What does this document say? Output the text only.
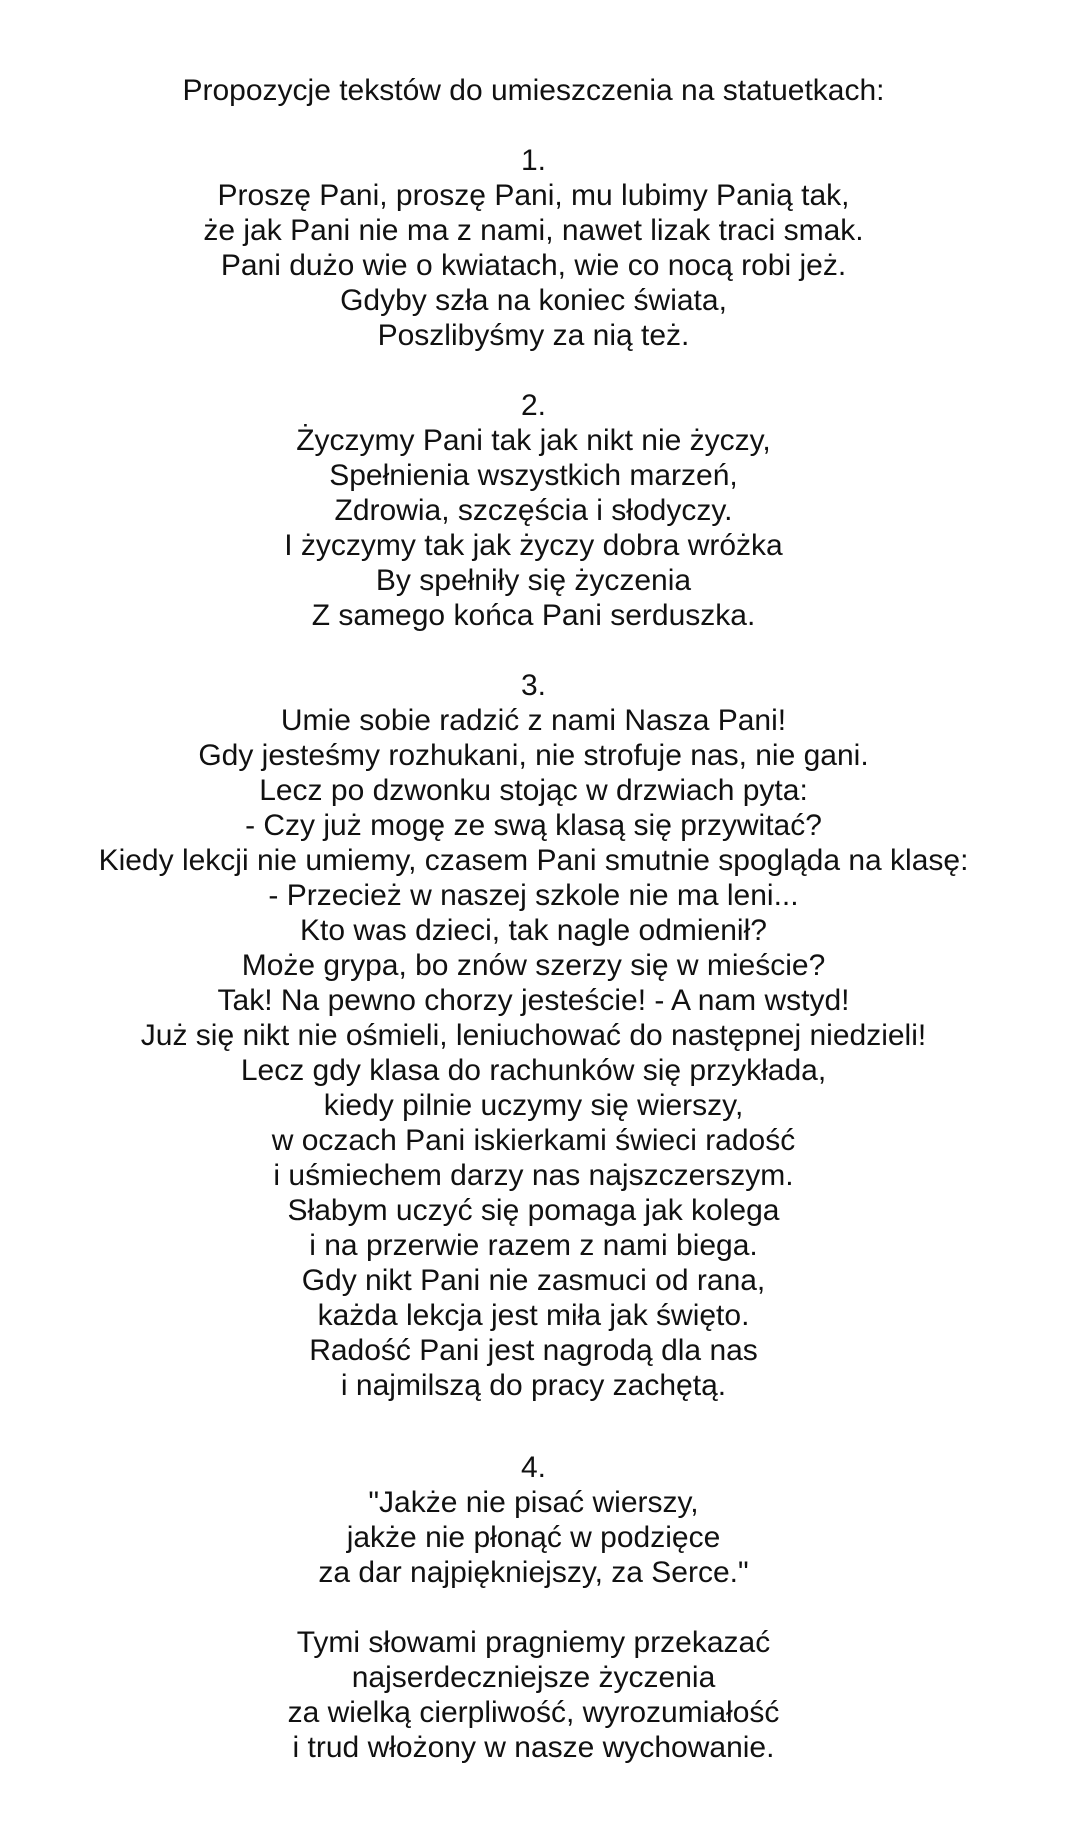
Propozycje tekstów do umieszczenia na statuetkach:
1.
Proszę Pani, proszę Pani, mu lubimy Panią tak,
że jak Pani nie ma z nami, nawet lizak traci smak.
Pani dużo wie o kwiatach, wie co nocą robi jeż.
Gdyby szła na koniec świata,
Poszlibyśmy za nią też.
2.
Życzymy Pani tak jak nikt nie życzy,
Spełnienia wszystkich marzeń,
Zdrowia, szczęścia i słodyczy.
I życzymy tak jak życzy dobra wróżka
By spełniły się życzenia
Z samego końca Pani serduszka.
3.
Umie sobie radzić z nami Nasza Pani!
Gdy jesteśmy rozhukani, nie strofuje nas, nie gani.
Lecz po dzwonku stojąc w drzwiach pyta:
- Czy już mogę ze swą klasą się przywitać?
Kiedy lekcji nie umiemy, czasem Pani smutnie spogląda na klasę:
- Przecież w naszej szkole nie ma leni...
Kto was dzieci, tak nagle odmienił?
Może grypa, bo znów szerzy się w mieście?
Tak! Na pewno chorzy jesteście! - A nam wstyd!
Już się nikt nie ośmieli, leniuchować do następnej niedzieli!
Lecz gdy klasa do rachunków się przykłada,
kiedy pilnie uczymy się wierszy,
w oczach Pani iskierkami świeci radość
i uśmiechem darzy nas najszczerszym.
Słabym uczyć się pomaga jak kolega
i na przerwie razem z nami biega.
Gdy nikt Pani nie zasmuci od rana,
każda lekcja jest miła jak święto.
Radość Pani jest nagrodą dla nas
i najmilszą do pracy zachętą.
4.
"Jakże nie pisać wierszy,
jakże nie płonąć w podzięce
za dar najpiękniejszy, za Serce."
Tymi słowami pragniemy przekazać
najserdeczniejsze życzenia
za wielką cierpliwość, wyrozumiałość
i trud włożony w nasze wychowanie.
